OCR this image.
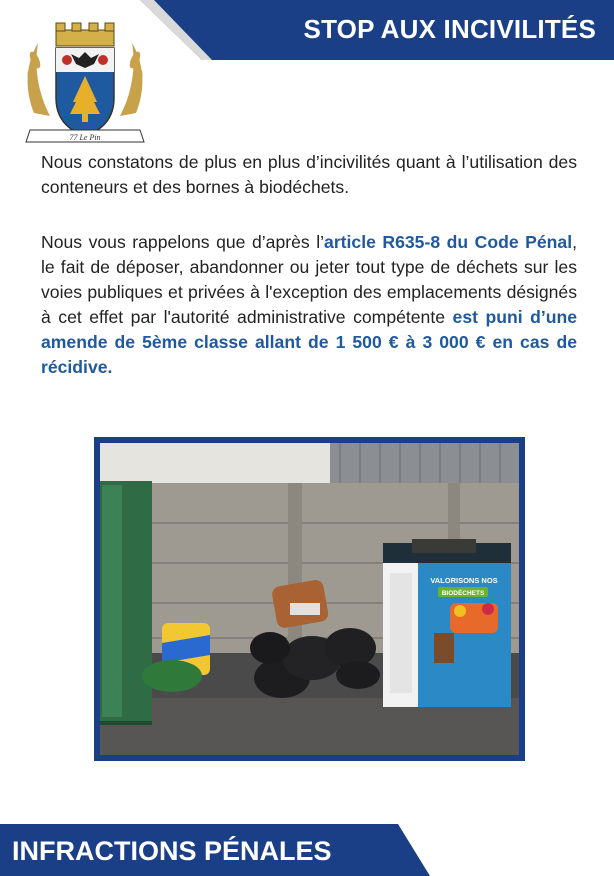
STOP AUX INCIVILITÉS
77 Le Pin
Nous constatons de plus en plus d’incivilités quant à l’utilisation des conteneurs et des bornes à biodéchets.
Nous vous rappelons que d’après l’article R635-8 du Code Pénal, le fait de déposer, abandonner ou jeter tout type de déchets sur les voies publiques et privées à l'exception des emplacements désignés à cet effet par l'autorité administrative compétente est puni d’une amende de 5ème classe allant de 1 500 € à 3 000 € en cas de récidive.
VALORISONS NOS
BIODÉCHETS
INFRACTIONS PÉNALES
